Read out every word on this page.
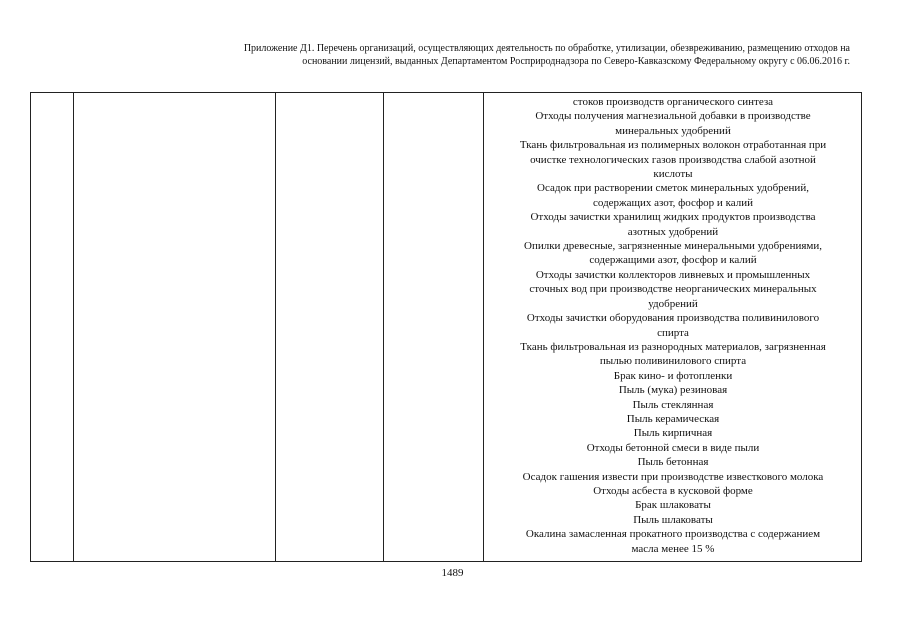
Приложение Д1. Перечень организаций, осуществляющих деятельность по обработке, утилизации, обезвреживанию, размещению отходов на
основании лицензий, выданных Департаментом Росприроднадзора по Северо-Кавказскому Федеральному округу с 06.06.2016 г.
стоков производств органического синтеза
Отходы получения магнезиальной добавки в производстве
минеральных удобрений
Ткань фильтровальная из полимерных волокон отработанная при
очистке технологических газов производства слабой азотной
кислоты
Осадок при растворении сметок минеральных удобрений,
содержащих азот, фосфор и калий
Отходы зачистки хранилищ жидких продуктов производства
азотных удобрений
Опилки древесные, загрязненные минеральными удобрениями,
содержащими азот, фосфор и калий
Отходы зачистки коллекторов ливневых и промышленных
сточных вод при производстве неорганических минеральных
удобрений
Отходы зачистки оборудования производства поливинилового
спирта
Ткань фильтровальная из разнородных материалов, загрязненная
пылью поливинилового спирта
Брак кино- и фотопленки
Пыль (мука) резиновая
Пыль стеклянная
Пыль керамическая
Пыль кирпичная
Отходы бетонной смеси в виде пыли
Пыль бетонная
Осадок гашения извести при производстве известкового молока
Отходы асбеста в кусковой форме
Брак шлаковаты
Пыль шлаковаты
Окалина замасленная прокатного производства с содержанием
масла менее 15 %
1489
